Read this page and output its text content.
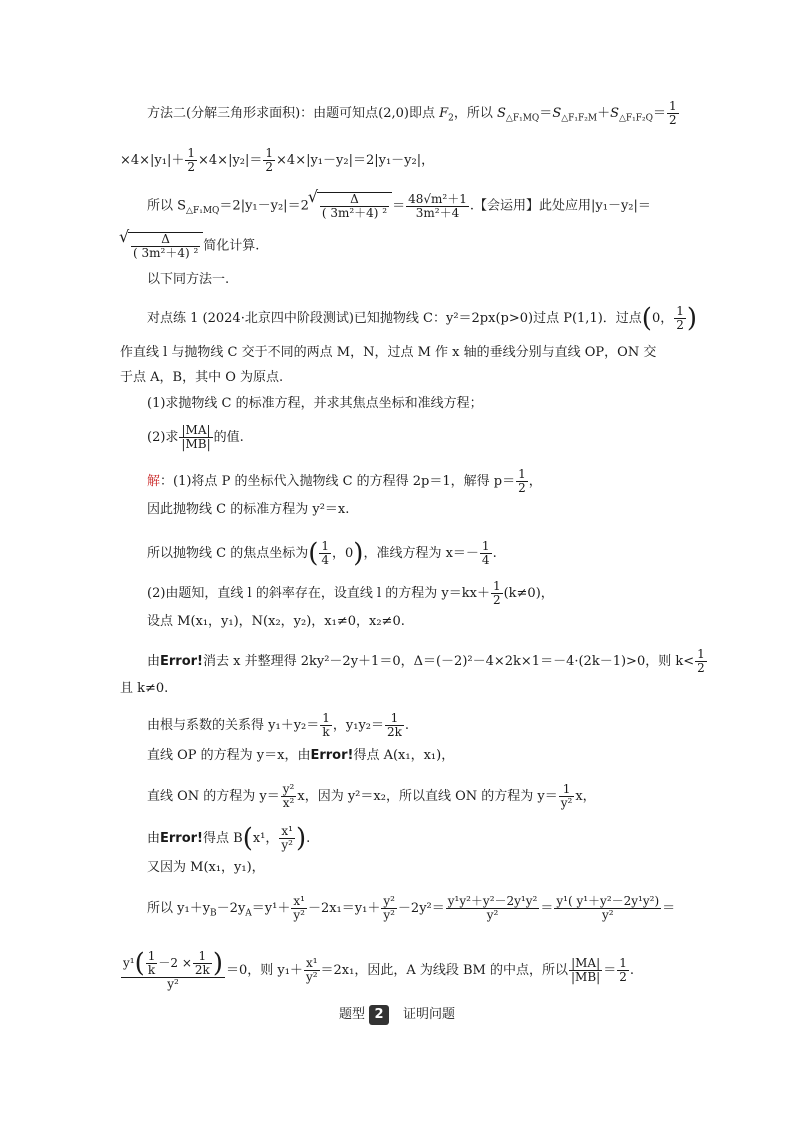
方法二(分解三角形求面积)：由题可知点(2,0)即点 $F_2$，所以 $S_{\triangle F_1MQ}=S_{\triangle F_1F_2M}+S_{\triangle F_1F_2Q}= \frac{1}{2}$
$\times 4\times|y_1|+ \frac{1}{2} \times 4\times|y_2|= \frac{1}{2} \times 4\times|y_1-y_2|=2|y_1-y_2|$，
所以 $S_{\triangle F_1MQ}=2|y_1-y_2|=2$
√ $\frac{\Delta}{\text{( 3m²＋4) ²}} = \frac{\text{48√m²＋1}}{\text{3m²＋4}}$ .【会运用】此处应用|y₁－y₂|＝
√ $\frac{\Delta}{\text{( 3m²＋4) ²}}$ 简化计算.
以下同方法一.
对点练 1 (2024·北京四中阶段测试)已知抛物线 C：y²＝2px(p>0)过点 P(1,1)．过点(0， $\frac{1}{2}$ )
作直线 l 与抛物线 C 交于不同的两点 M，N，过点 M 作 x 轴的垂线分别与直线 OP，ON 交
于点 A，B，其中 O 为原点.
(1)求抛物线 C 的标准方程，并求其焦点坐标和准线方程；
(2)求 $\frac{|MA|}{|MB|}$ 的值.
解：(1)将点 P 的坐标代入抛物线 C 的方程得 2p＝1，解得 $p= \frac{1}{2}$ ，
因此抛物线 C 的标准方程为 y²＝x.
所以抛物线 C 的焦点坐标为( $\frac{1}{4}$ ，0)，准线方程为 $x=- \frac{1}{4}$ .
(2)由题知，直线 l 的斜率存在，设直线 l 的方程为 $y=kx+ \frac{1}{2} (k\ne 0)$，
设点 M(x₁，y₁)，N(x₂，y₂)，x₁≠0，x₂≠0.
由Error!消去 x 并整理得 2ky²－2y＋1＝0，Δ＝(－2)²－4×2k×1＝－4·(2k－1)>0，则 $k< \frac{1}{2}$
且 k≠0.
由根与系数的关系得 $y_1+y_2= \frac{1}{k}$ ，$y_1y_2= \frac{1}{2k}$ .
直线 OP 的方程为 y＝x，由Error!得点 A(x₁，x₁)，
直线 ON 的方程为 $y= \frac{\text{y²}}{\text{x²}}$ x，因为 y²＝x₂，所以直线 ON 的方程为 $y= \frac{1}{\text{y²}}$ x，
由Error!得点 B(x¹， $\frac{\text{x¹}}{\text{y²}}$ ).
又因为 M(x₁，y₁)，
所以 $y_1+y_B-2y_A=y^1+ \frac{\text{x¹}}{\text{y²}} -2x_1=y_1+ \frac{\text{y²}}{\text{y²}} -2y^2= \frac{\text{y¹y²＋y²－2y¹y²}}{\text{y²}} = \frac{\text{y¹( y¹＋y²－2y¹y²)}}{\text{y²}}$ ＝
$\frac{y^1( \frac{1}{k} -2 \times \frac{1}{2k} )}{\text{y²}} =0$，则 $y_1+ \frac{\text{x¹}}{\text{y²}} =2x_1$，因此，A 为线段 BM 的中点，所以 $\frac{|MA|}{|MB|} = \frac{1}{2}$ .
题型 2 证明问题
